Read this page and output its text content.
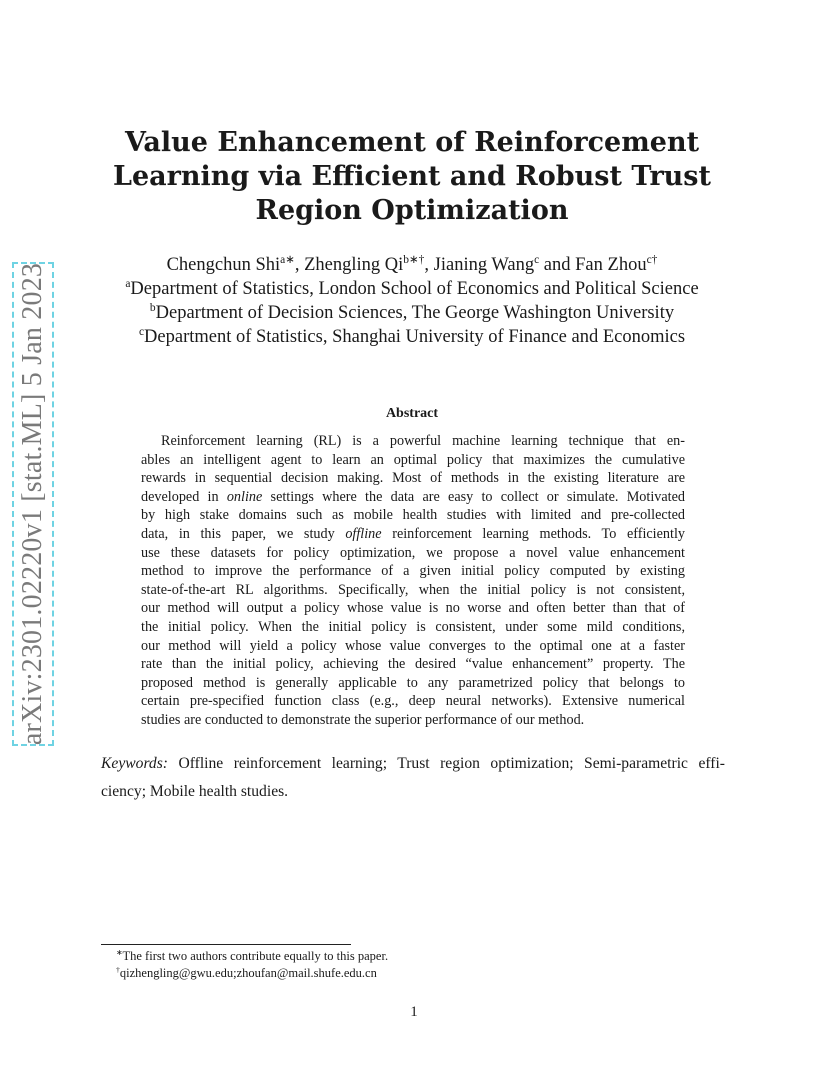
arXiv:2301.02220v1 [stat.ML] 5 Jan 2023
Value Enhancement of Reinforcement
Learning via Efficient and Robust Trust
Region Optimization
Chengchun Shi$^{a∗}$, Zhengling $Qi^{b∗\dagger}$, Jianing Wang$^c$ and Fan Zhou$^{c\dagger}$
$^a$Department of Statistics, London School of Economics and Political Science
$^b$Department of Decision Sciences, The George Washington University
$^c$Department of Statistics, Shanghai University of Finance and Economics
Abstract
Reinforcement learning (RL) is a powerful machine learning technique that en-
ables an intelligent agent to learn an optimal policy that maximizes the cumulative
rewards in sequential decision making. Most of methods in the existing literature are
developed in online settings where the data are easy to collect or simulate. Motivated
by high stake domains such as mobile health studies with limited and pre-collected
data, in this paper, we study offline reinforcement learning methods. To efficiently
use these datasets for policy optimization, we propose a novel value enhancement
method to improve the performance of a given initial policy computed by existing
state-of-the-art RL algorithms. Specifically, when the initial policy is not consistent,
our method will output a policy whose value is no worse and often better than that of
the initial policy. When the initial policy is consistent, under some mild conditions,
our method will yield a policy whose value converges to the optimal one at a faster
rate than the initial policy, achieving the desired “value enhancement” property. The
proposed method is generally applicable to any parametrized policy that belongs to
certain pre-specified function class (e.g., deep neural networks). Extensive numerical
studies are conducted to demonstrate the superior performance of our method.
Keywords: Offline reinforcement learning; Trust region optimization; Semi-parametric effi-
ciency; Mobile health studies.
∗The first two authors contribute equally to this paper.
†qizhengling@gwu.edu;zhoufan@mail.shufe.edu.cn
1
